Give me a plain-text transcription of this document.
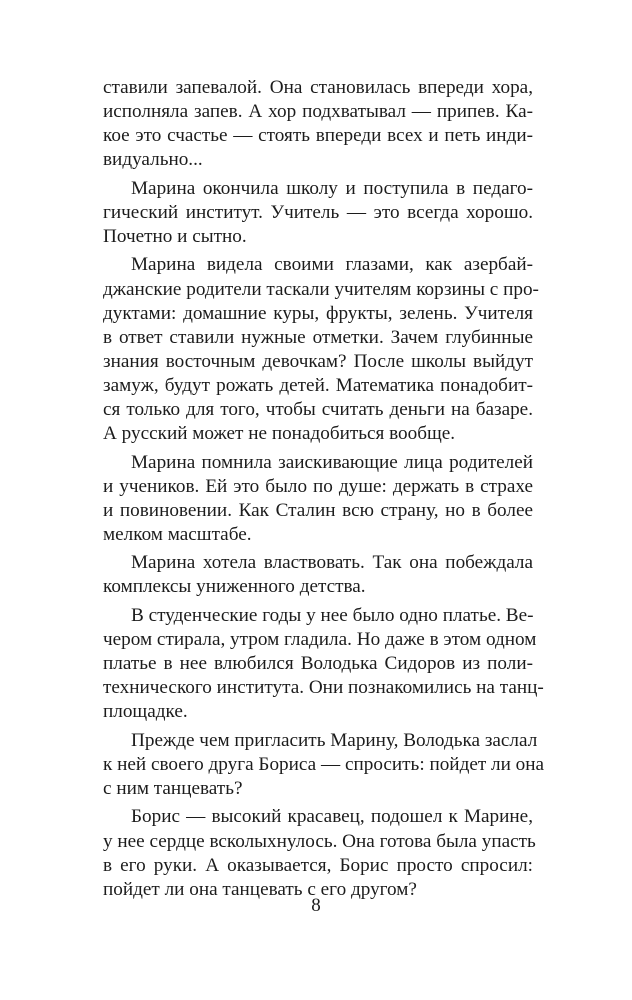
ставили запевалой. Она становилась впереди хора,
исполняла запев. А хор подхватывал — припев. Ка-
кое это счастье — стоять впереди всех и петь инди-
видуально...
Марина окончила школу и поступила в педаго-
гический институт. Учитель — это всегда хорошо.
Почетно и сытно.
Марина видела своими глазами, как азербай-
джанские родители таскали учителям корзины с про-
дуктами: домашние куры, фрукты, зелень. Учителя
в ответ ставили нужные отметки. Зачем глубинные
знания восточным девочкам? После школы выйдут
замуж, будут рожать детей. Математика понадобит-
ся только для того, чтобы считать деньги на базаре.
А русский может не понадобиться вообще.
Марина помнила заискивающие лица родителей
и учеников. Ей это было по душе: держать в страхе
и повиновении. Как Сталин всю страну, но в более
мелком масштабе.
Марина хотела властвовать. Так она побеждала
комплексы униженного детства.
В студенческие годы у нее было одно платье. Ве-
чером стирала, утром гладила. Но даже в этом одном
платье в нее влюбился Володька Сидоров из поли-
технического института. Они познакомились на танц-
площадке.
Прежде чем пригласить Марину, Володька заслал
к ней своего друга Бориса — спросить: пойдет ли она
с ним танцевать?
Борис — высокий красавец, подошел к Марине,
у нее сердце всколыхнулось. Она готова была упасть
в его руки. А оказывается, Борис просто спросил:
пойдет ли она танцевать с его другом?
8
